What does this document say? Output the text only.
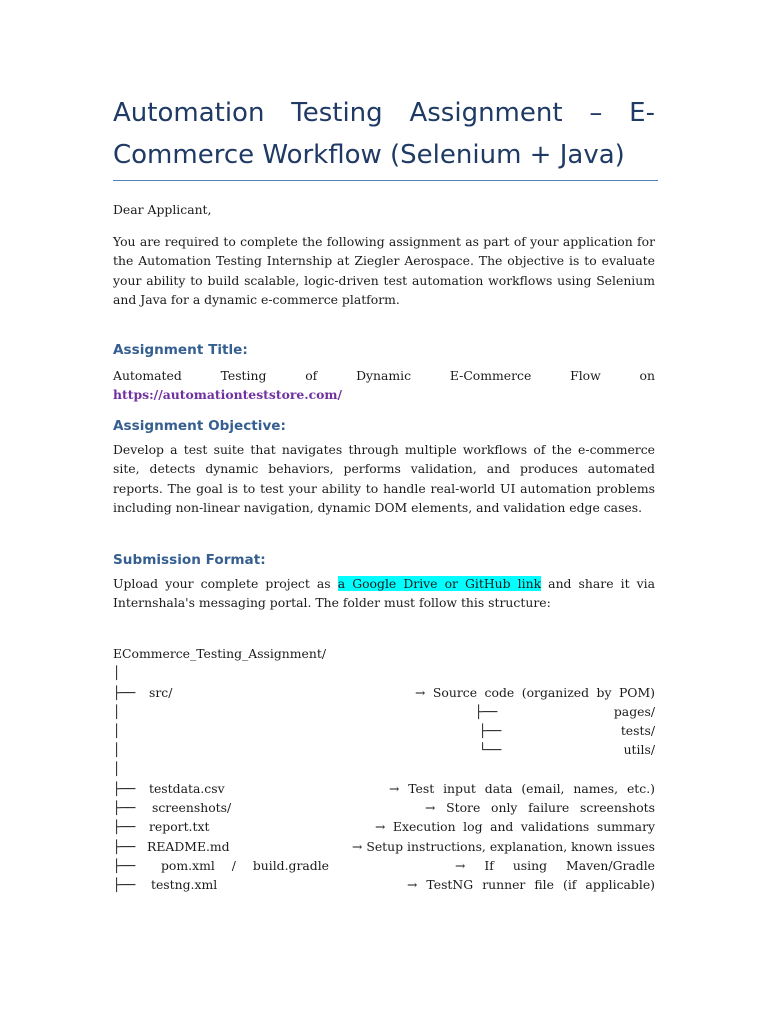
Automation Testing Assignment – E-Commerce Workflow (Selenium + Java)

Dear Applicant,

You are required to complete the following assignment as part of your application for the Automation Testing Internship at Ziegler Aerospace. The objective is to evaluate your ability to build scalable, logic-driven test automation workflows using Selenium and Java for a dynamic e-commerce platform.

Assignment Title:

Automated Testing of Dynamic E-Commerce Flow on https://automationteststore.com/

Assignment Objective:

Develop a test suite that navigates through multiple workflows of the e-commerce site, detects dynamic behaviors, performs validation, and produces automated reports. The goal is to test your ability to handle real-world UI automation problems including non-linear navigation, dynamic DOM elements, and validation edge cases.

Submission Format:

Upload your complete project as a Google Drive or GitHub link and share it via Internshala's messaging portal. The folder must follow this structure:

ECommerce_Testing_Assignment/
│
├── src/	→ Source code (organized by POM)
│	├──	pages/
│	├──	tests/
│	└──	utils/
│
├── testdata.csv	→ Test input data (email, names, etc.)
├── screenshots/	→ Store only failure screenshots
├── report.txt	→ Execution log and validations summary
├── README.md	→ Setup instructions, explanation, known issues
├── pom.xml / build.gradle	→ If using Maven/Gradle
├── testng.xml	→ TestNG runner file (if applicable)
